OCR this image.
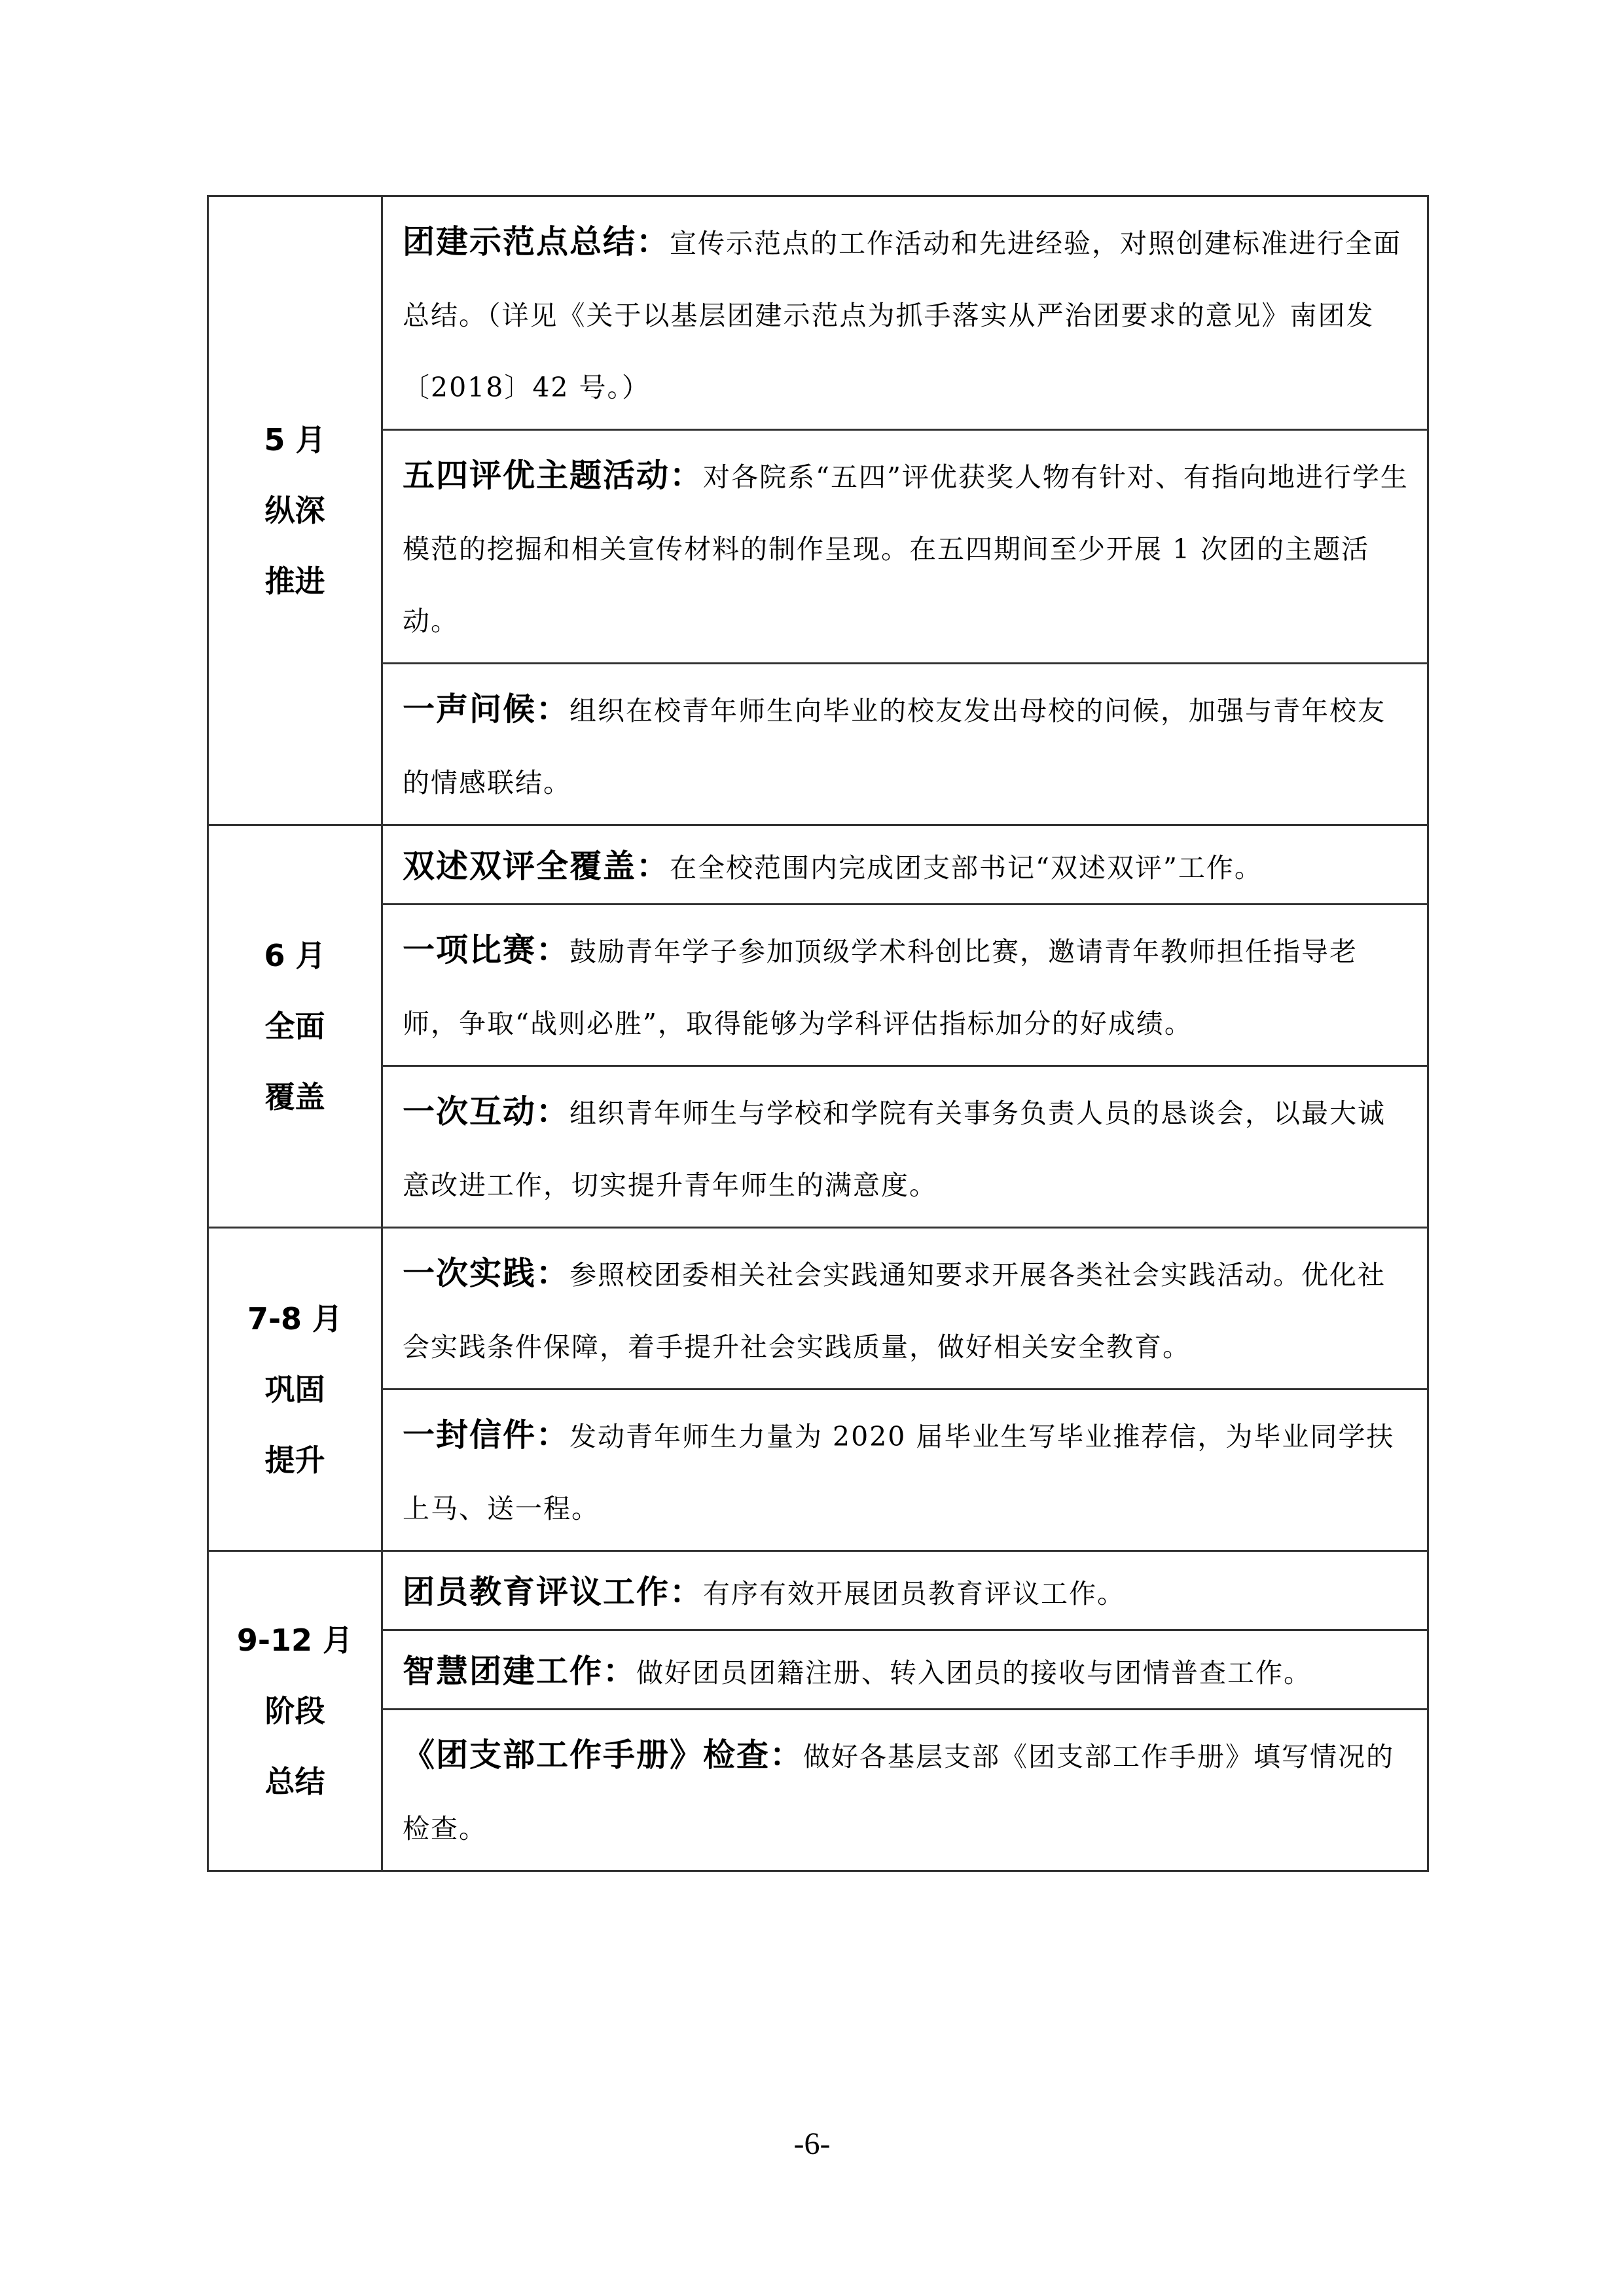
5 月
纵深
推进	团建示范点总结：宣传示范点的工作活动和先进经验，对照创建标准进行全面总结。（详见《关于以基层团建示范点为抓手落实从严治团要求的意见》南团发〔2018〕42 号。）
	五四评优主题活动：对各院系“五四”评优获奖人物有针对、有指向地进行学生模范的挖掘和相关宣传材料的制作呈现。在五四期间至少开展 1 次团的主题活动。
	一声问候：组织在校青年师生向毕业的校友发出母校的问候，加强与青年校友的情感联结。

6 月
全面
覆盖	双述双评全覆盖：在全校范围内完成团支部书记“双述双评”工作。
	一项比赛：鼓励青年学子参加顶级学术科创比赛，邀请青年教师担任指导老师，争取“战则必胜”，取得能够为学科评估指标加分的好成绩。
	一次互动：组织青年师生与学校和学院有关事务负责人员的恳谈会，以最大诚意改进工作，切实提升青年师生的满意度。

7-8 月
巩固
提升	一次实践：参照校团委相关社会实践通知要求开展各类社会实践活动。优化社会实践条件保障，着手提升社会实践质量，做好相关安全教育。
	一封信件：发动青年师生力量为 2020 届毕业生写毕业推荐信，为毕业同学扶上马、送一程。

9-12 月
阶段
总结	团员教育评议工作：有序有效开展团员教育评议工作。
	智慧团建工作：做好团员团籍注册、转入团员的接收与团情普查工作。
	《团支部工作手册》检查：做好各基层支部《团支部工作手册》填写情况的检查。
-6-
